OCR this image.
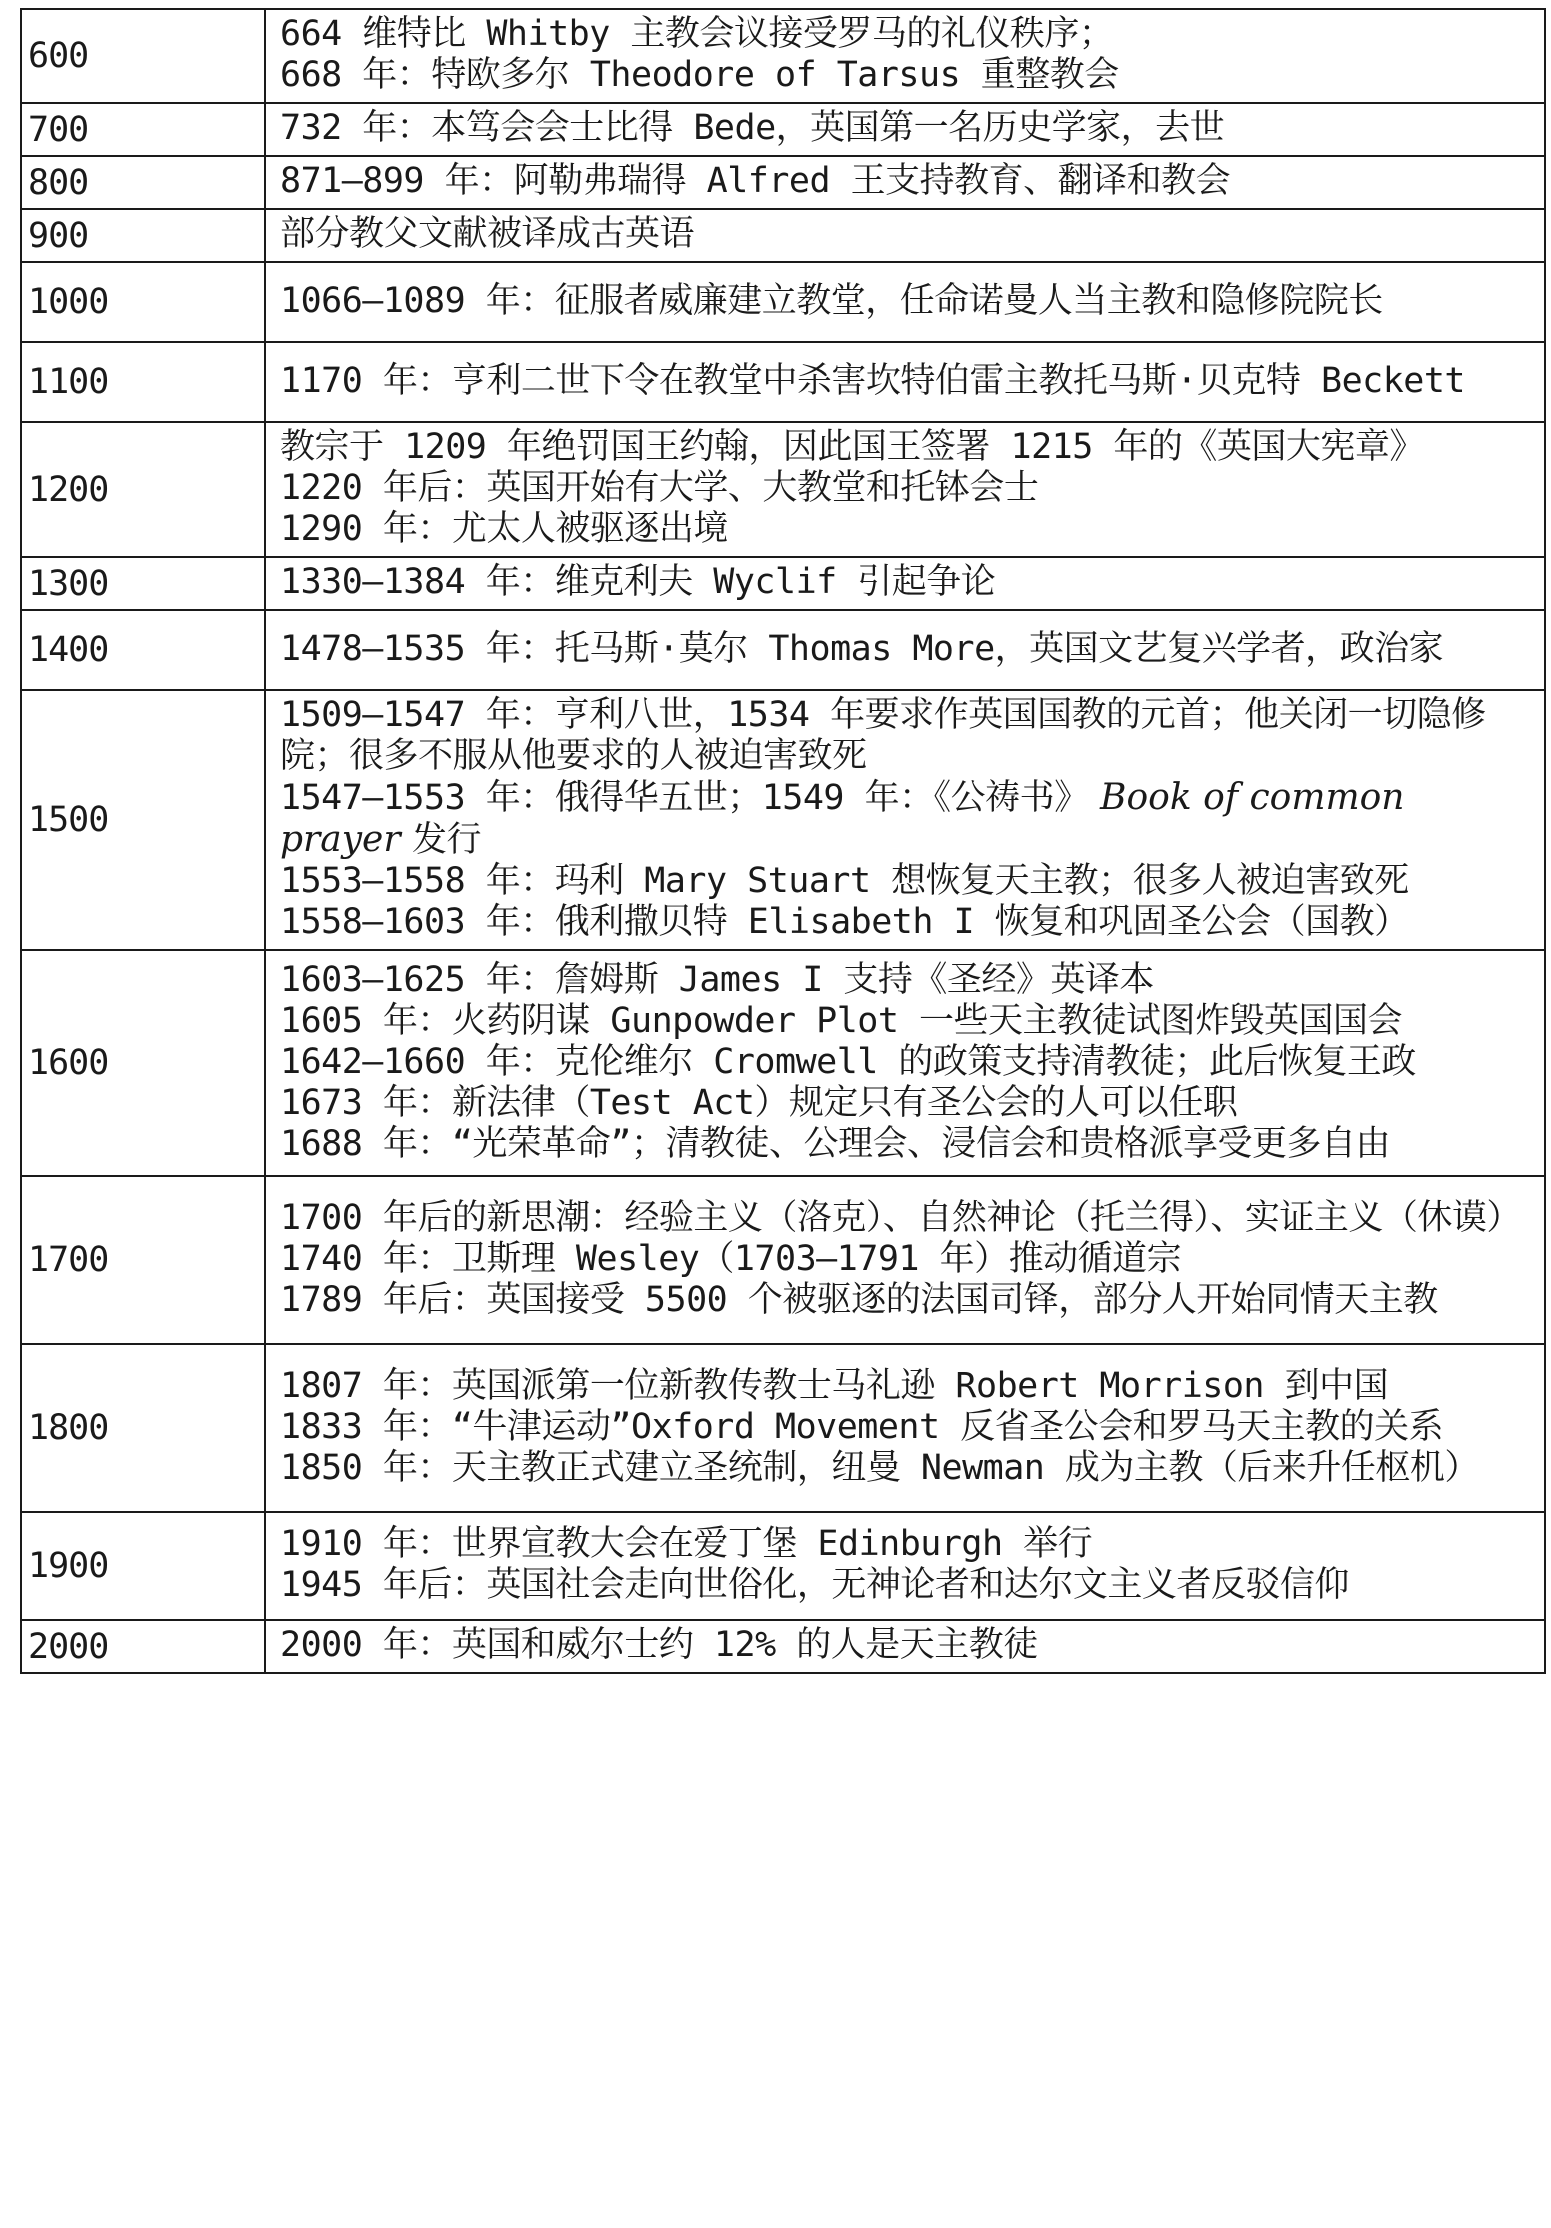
600	664 维特比 Whitby 主教会议接受罗马的礼仪秩序；
668 年：特欧多尔 Theodore of Tarsus 重整教会

700	732 年：本笃会会士比得 Bede，英国第一名历史学家，去世

800	871–899 年：阿勒弗瑞得 Alfred 王支持教育、翻译和教会

900	部分教父文献被译成古英语

1000	1066–1089 年：征服者威廉建立教堂，任命诺曼人当主教和隐修院院长

1100	1170 年：亨利二世下令在教堂中杀害坎特伯雷主教托马斯·贝克特 Beckett

1200	教宗于 1209 年绝罚国王约翰，因此国王签署 1215 年的《英国大宪章》
1220 年后：英国开始有大学、大教堂和托钵会士
1290 年：尤太人被驱逐出境

1300	1330–1384 年：维克利夫 Wyclif 引起争论

1400	1478–1535 年：托马斯·莫尔 Thomas More，英国文艺复兴学者，政治家

1500	1509–1547 年：亨利八世，1534 年要求作英国国教的元首；他关闭一切隐修院；很多不服从他要求的人被迫害致死
1547–1553 年：俄得华五世；1549 年：《公祷书》 Book of common prayer 发行
1553–1558 年：玛利 Mary Stuart 想恢复天主教；很多人被迫害致死
1558–1603 年：俄利撒贝特 Elisabeth I 恢复和巩固圣公会（国教）

1600	1603–1625 年：詹姆斯 James I 支持《圣经》英译本
1605 年：火药阴谋 Gunpowder Plot 一些天主教徒试图炸毁英国国会
1642–1660 年：克伦维尔 Cromwell 的政策支持清教徒；此后恢复王政
1673 年：新法律（Test Act）规定只有圣公会的人可以任职
1688 年：“光荣革命”；清教徒、公理会、浸信会和贵格派享受更多自由

1700	1700 年后的新思潮：经验主义（洛克）、自然神论（托兰得）、实证主义（休谟）
1740 年：卫斯理 Wesley（1703–1791 年）推动循道宗
1789 年后：英国接受 5500 个被驱逐的法国司铎，部分人开始同情天主教

1800	1807 年：英国派第一位新教传教士马礼逊 Robert Morrison 到中国
1833 年：“牛津运动”Oxford Movement 反省圣公会和罗马天主教的关系
1850 年：天主教正式建立圣统制，纽曼 Newman 成为主教（后来升任枢机）

1900	1910 年：世界宣教大会在爱丁堡 Edinburgh 举行
1945 年后：英国社会走向世俗化，无神论者和达尔文主义者反驳信仰

2000	2000 年：英国和威尔士约 12% 的人是天主教徒
